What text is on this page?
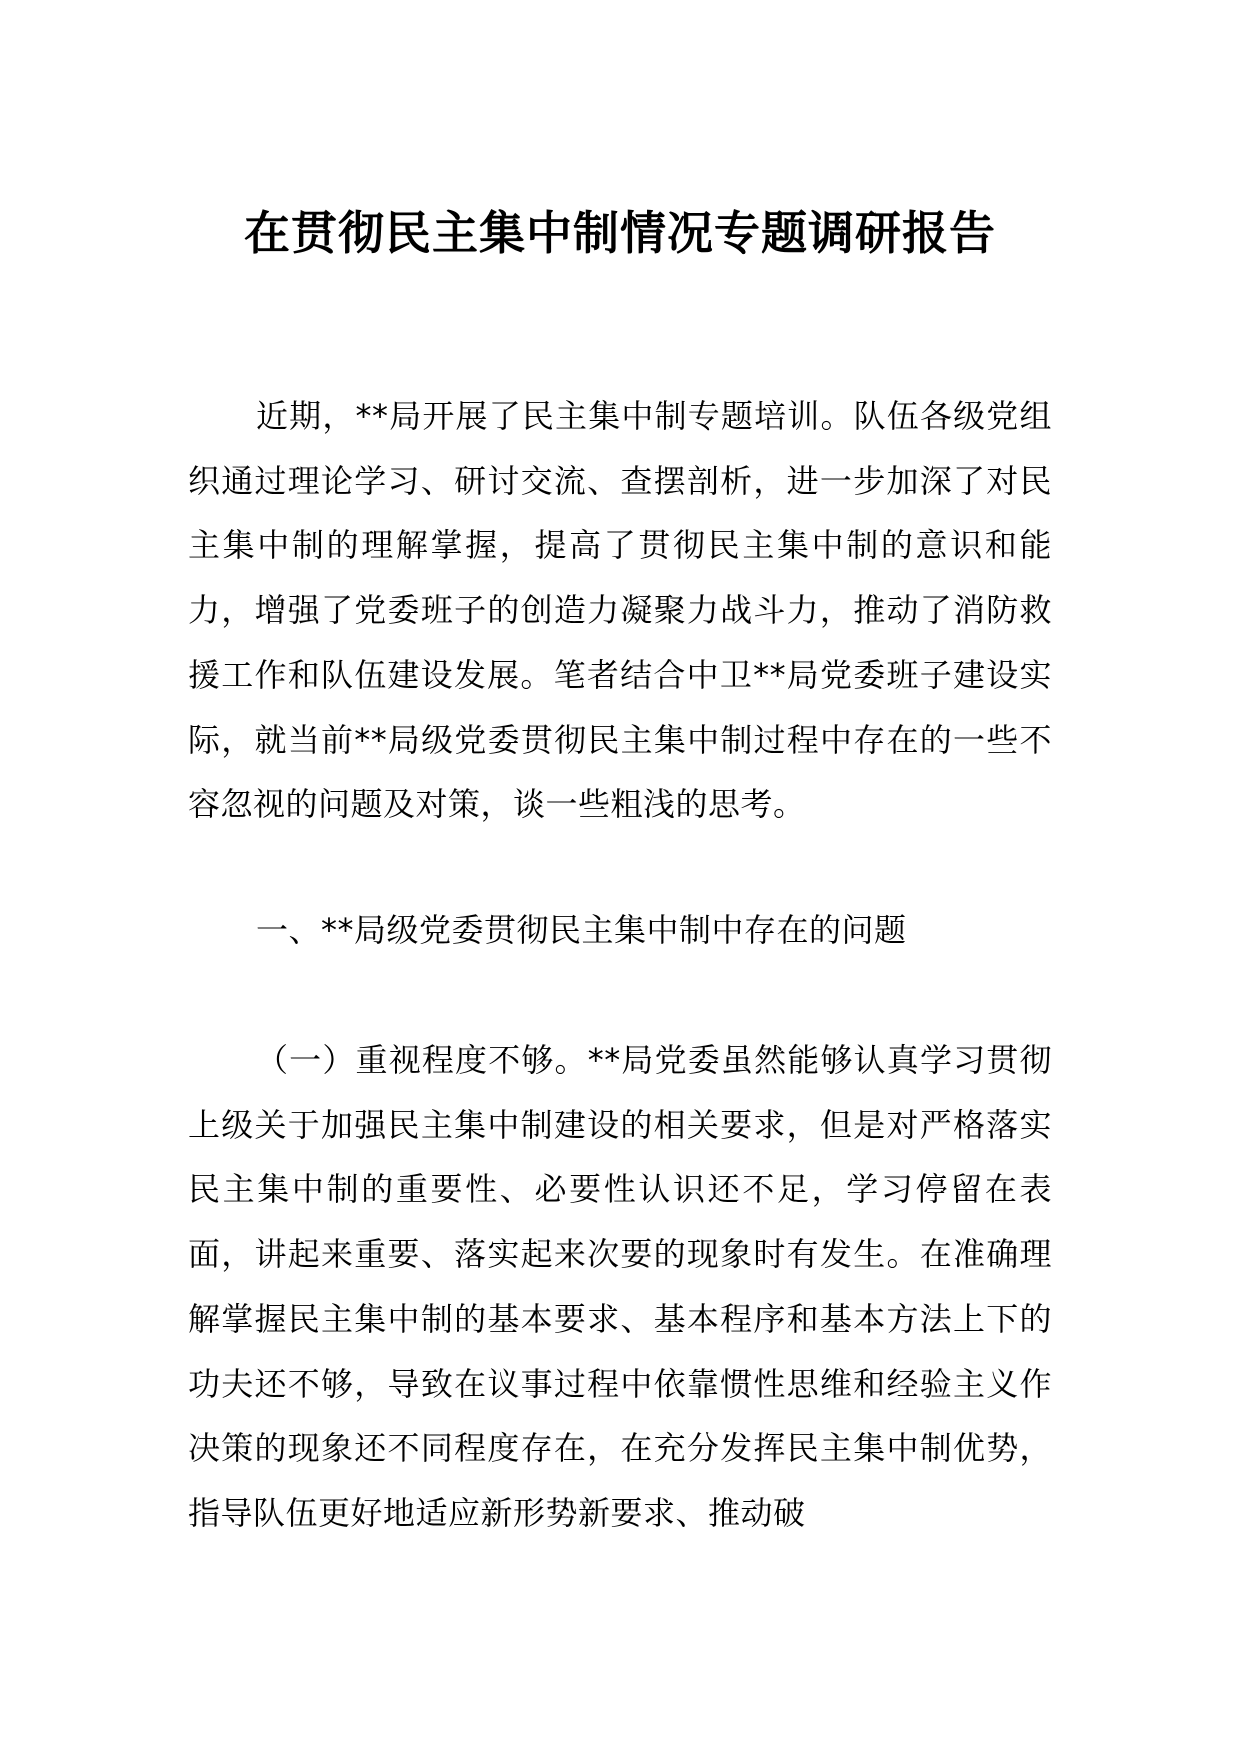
在贯彻民主集中制情况专题调研报告

近期，**局开展了民主集中制专题培训。队伍各级党组织通过理论学习、研讨交流、查摆剖析，进一步加深了对民主集中制的理解掌握，提高了贯彻民主集中制的意识和能力，增强了党委班子的创造力凝聚力战斗力，推动了消防救援工作和队伍建设发展。笔者结合中卫**局党委班子建设实际，就当前**局级党委贯彻民主集中制过程中存在的一些不容忽视的问题及对策，谈一些粗浅的思考。

一、**局级党委贯彻民主集中制中存在的问题

（一）重视程度不够。**局党委虽然能够认真学习贯彻上级关于加强民主集中制建设的相关要求，但是对严格落实民主集中制的重要性、必要性认识还不足，学习停留在表面，讲起来重要、落实起来次要的现象时有发生。在准确理解掌握民主集中制的基本要求、基本程序和基本方法上下的功夫还不够，导致在议事过程中依靠惯性思维和经验主义作决策的现象还不同程度存在，在充分发挥民主集中制优势，指导队伍更好地适应新形势新要求、推动破
